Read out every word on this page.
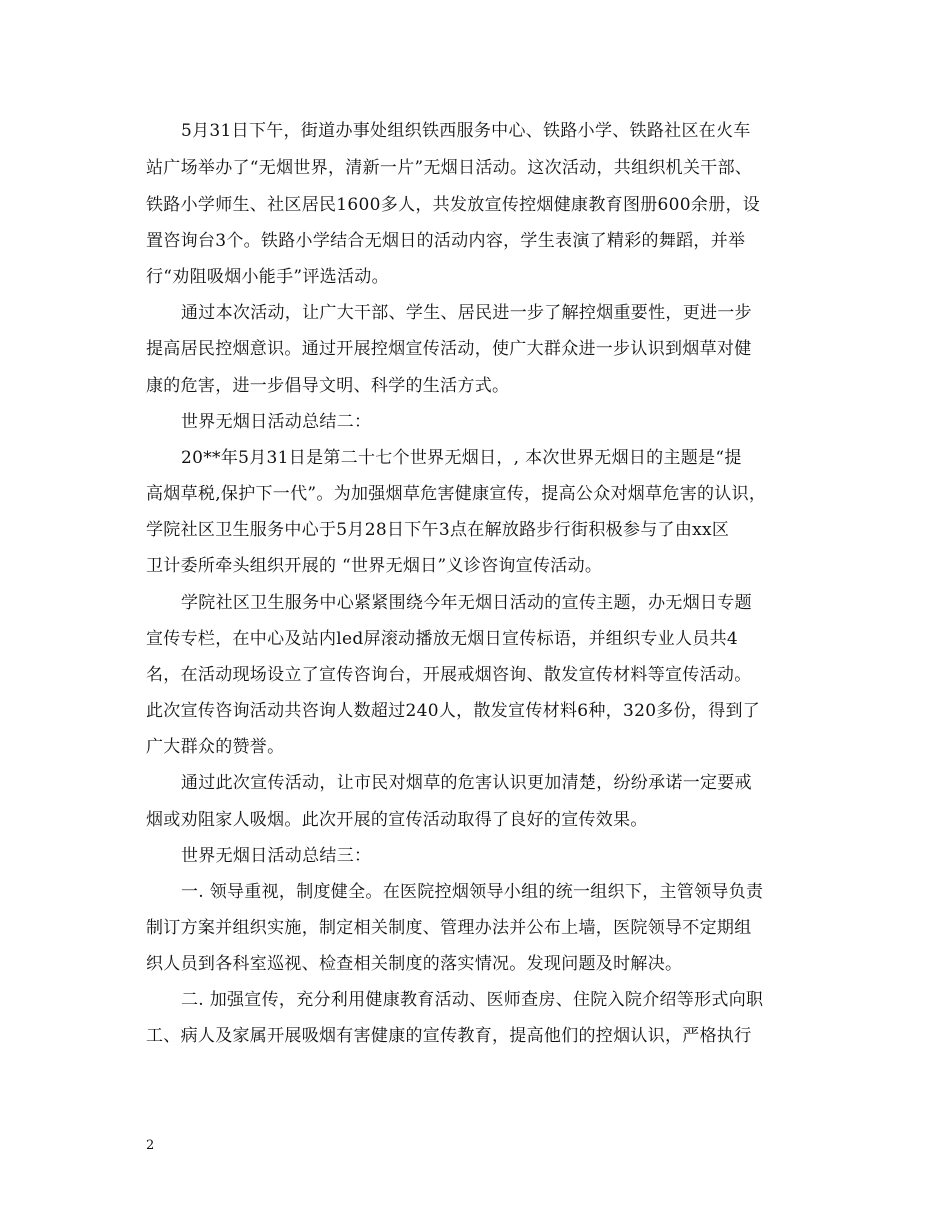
5月31日下午，街道办事处组织铁西服务中心、铁路小学、铁路社区在火车
站广场举办了“无烟世界，清新一片”无烟日活动。这次活动，共组织机关干部、
铁路小学师生、社区居民1600多人，共发放宣传控烟健康教育图册600余册，设
置咨询台3个。铁路小学结合无烟日的活动内容，学生表演了精彩的舞蹈，并举
行“劝阻吸烟小能手”评选活动。
通过本次活动，让广大干部、学生、居民进一步了解控烟重要性，更进一步
提高居民控烟意识。通过开展控烟宣传活动，使广大群众进一步认识到烟草对健
康的危害，进一步倡导文明、科学的生活方式。
世界无烟日活动总结二：
20**年5月31日是第二十七个世界无烟日，, 本次世界无烟日的主题是“提
高烟草税,保护下一代”。为加强烟草危害健康宣传，提高公众对烟草危害的认识，
学院社区卫生服务中心于5月28日下午3点在解放路步行街积极参与了由xx区
卫计委所牵头组织开展的 “世界无烟日”义诊咨询宣传活动。
学院社区卫生服务中心紧紧围绕今年无烟日活动的宣传主题，办无烟日专题
宣传专栏，在中心及站内led屏滚动播放无烟日宣传标语，并组织专业人员共4
名，在活动现场设立了宣传咨询台，开展戒烟咨询、散发宣传材料等宣传活动。
此次宣传咨询活动共咨询人数超过240人，散发宣传材料6种，320多份，得到了
广大群众的赞誉。
通过此次宣传活动，让市民对烟草的危害认识更加清楚，纷纷承诺一定要戒
烟或劝阻家人吸烟。此次开展的宣传活动取得了良好的宣传效果。
世界无烟日活动总结三：
一. 领导重视，制度健全。在医院控烟领导小组的统一组织下，主管领导负责
制订方案并组织实施，制定相关制度、管理办法并公布上墙，医院领导不定期组
织人员到各科室巡视、检查相关制度的落实情况。发现问题及时解决。
二. 加强宣传，充分利用健康教育活动、医师查房、住院入院介绍等形式向职
工、病人及家属开展吸烟有害健康的宣传教育，提高他们的控烟认识，严格执行
2
